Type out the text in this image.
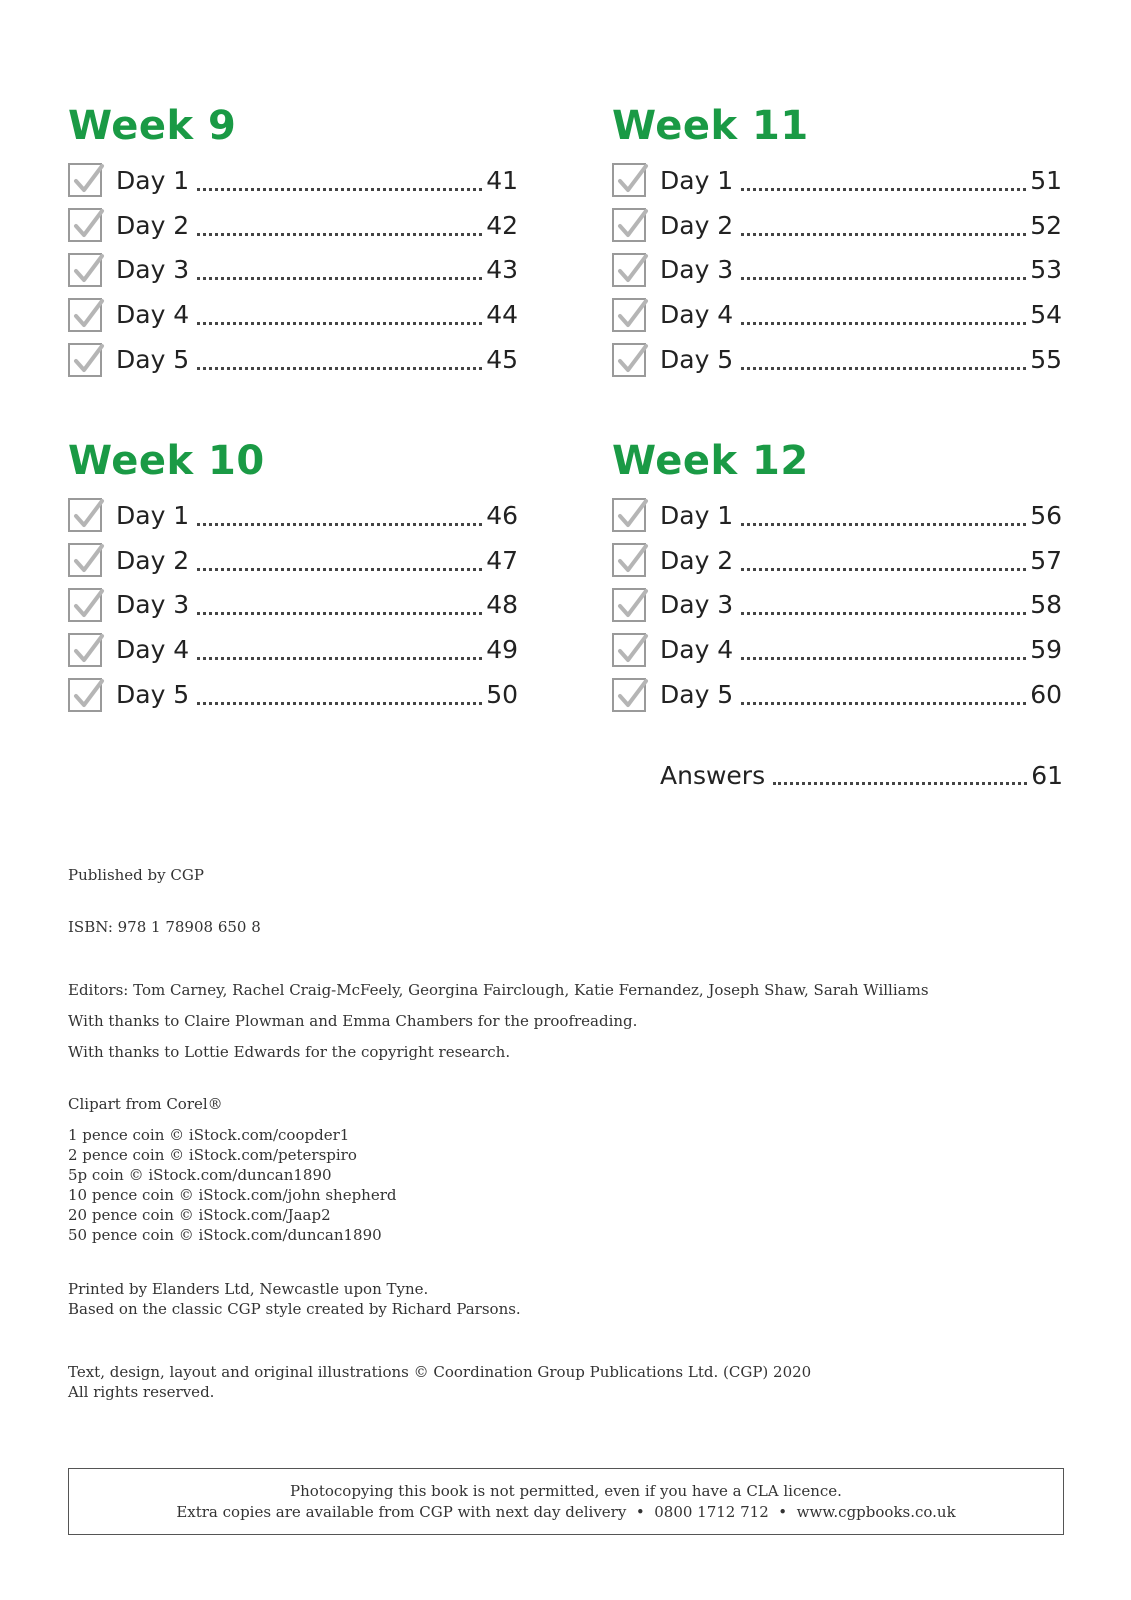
Week 9
Day 1	41
Day 2	42
Day 3	43
Day 4	44
Day 5	45
Week 11
Day 1	51
Day 2	52
Day 3	53
Day 4	54
Day 5	55
Week 10
Day 1	46
Day 2	47
Day 3	48
Day 4	49
Day 5	50
Week 12
Day 1	56
Day 2	57
Day 3	58
Day 4	59
Day 5	60
Answers	61
Published by CGP
ISBN: 978 1 78908 650 8
Editors: Tom Carney, Rachel Craig-McFeely, Georgina Fairclough, Katie Fernandez, Joseph Shaw, Sarah Williams
With thanks to Claire Plowman and Emma Chambers for the proofreading.
With thanks to Lottie Edwards for the copyright research.
Clipart from Corel®
1 pence coin © iStock.com/coopder1
2 pence coin © iStock.com/peterspiro
5p coin © iStock.com/duncan1890
10 pence coin © iStock.com/john shepherd
20 pence coin © iStock.com/Jaap2
50 pence coin © iStock.com/duncan1890
Printed by Elanders Ltd, Newcastle upon Tyne.
Based on the classic CGP style created by Richard Parsons.
Text, design, layout and original illustrations © Coordination Group Publications Ltd. (CGP) 2020
All rights reserved.
Photocopying this book is not permitted, even if you have a CLA licence.
Extra copies are available from CGP with next day delivery  •  0800 1712 712  •  www.cgpbooks.co.uk
